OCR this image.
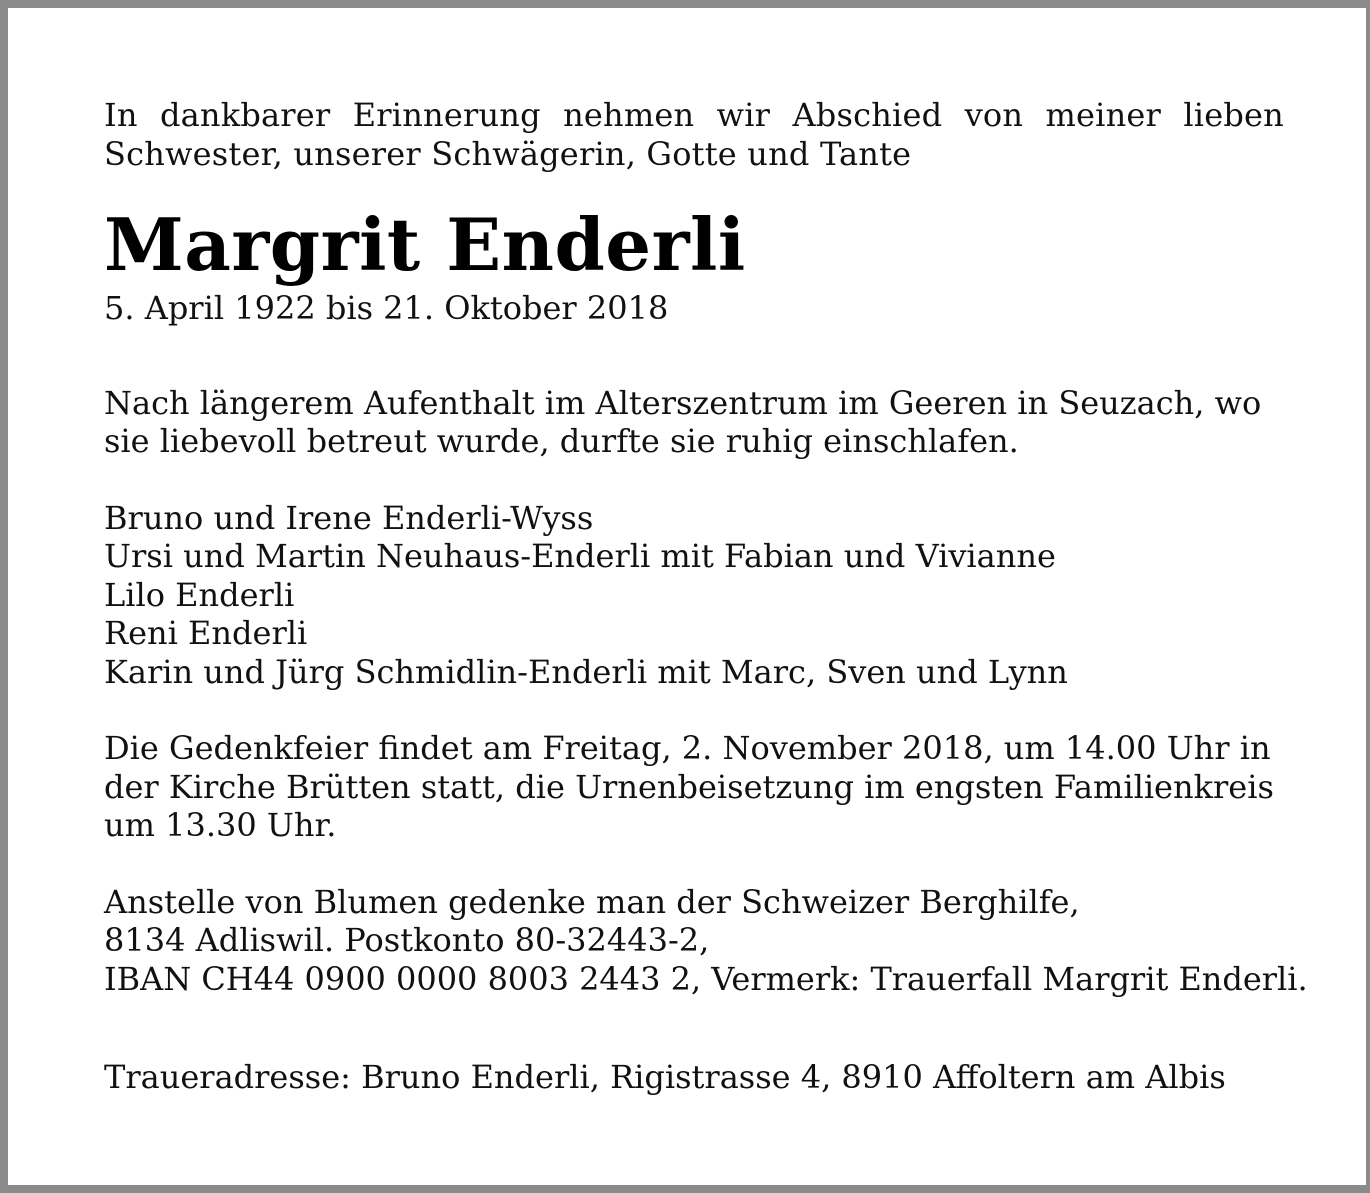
In dankbarer Erinnerung nehmen wir Abschied von meiner lieben
Schwester, unserer Schwägerin, Gotte und Tante

Margrit Enderli

5. April 1922 bis 21. Oktober 2018

Nach längerem Aufenthalt im Alterszentrum im Geeren in Seuzach, wo
sie liebevoll betreut wurde, durfte sie ruhig einschlafen.

Bruno und Irene Enderli-Wyss
Ursi und Martin Neuhaus-Enderli mit Fabian und Vivianne
Lilo Enderli
Reni Enderli
Karin und Jürg Schmidlin-Enderli mit Marc, Sven und Lynn

Die Gedenkfeier findet am Freitag, 2. November 2018, um 14.00 Uhr in
der Kirche Brütten statt, die Urnenbeisetzung im engsten Familienkreis
um 13.30 Uhr.

Anstelle von Blumen gedenke man der Schweizer Berghilfe,
8134 Adliswil. Postkonto 80-32443-2,
IBAN CH44 0900 0000 8003 2443 2, Vermerk: Trauerfall Margrit Enderli.

Traueradresse: Bruno Enderli, Rigistrasse 4, 8910 Affoltern am Albis
